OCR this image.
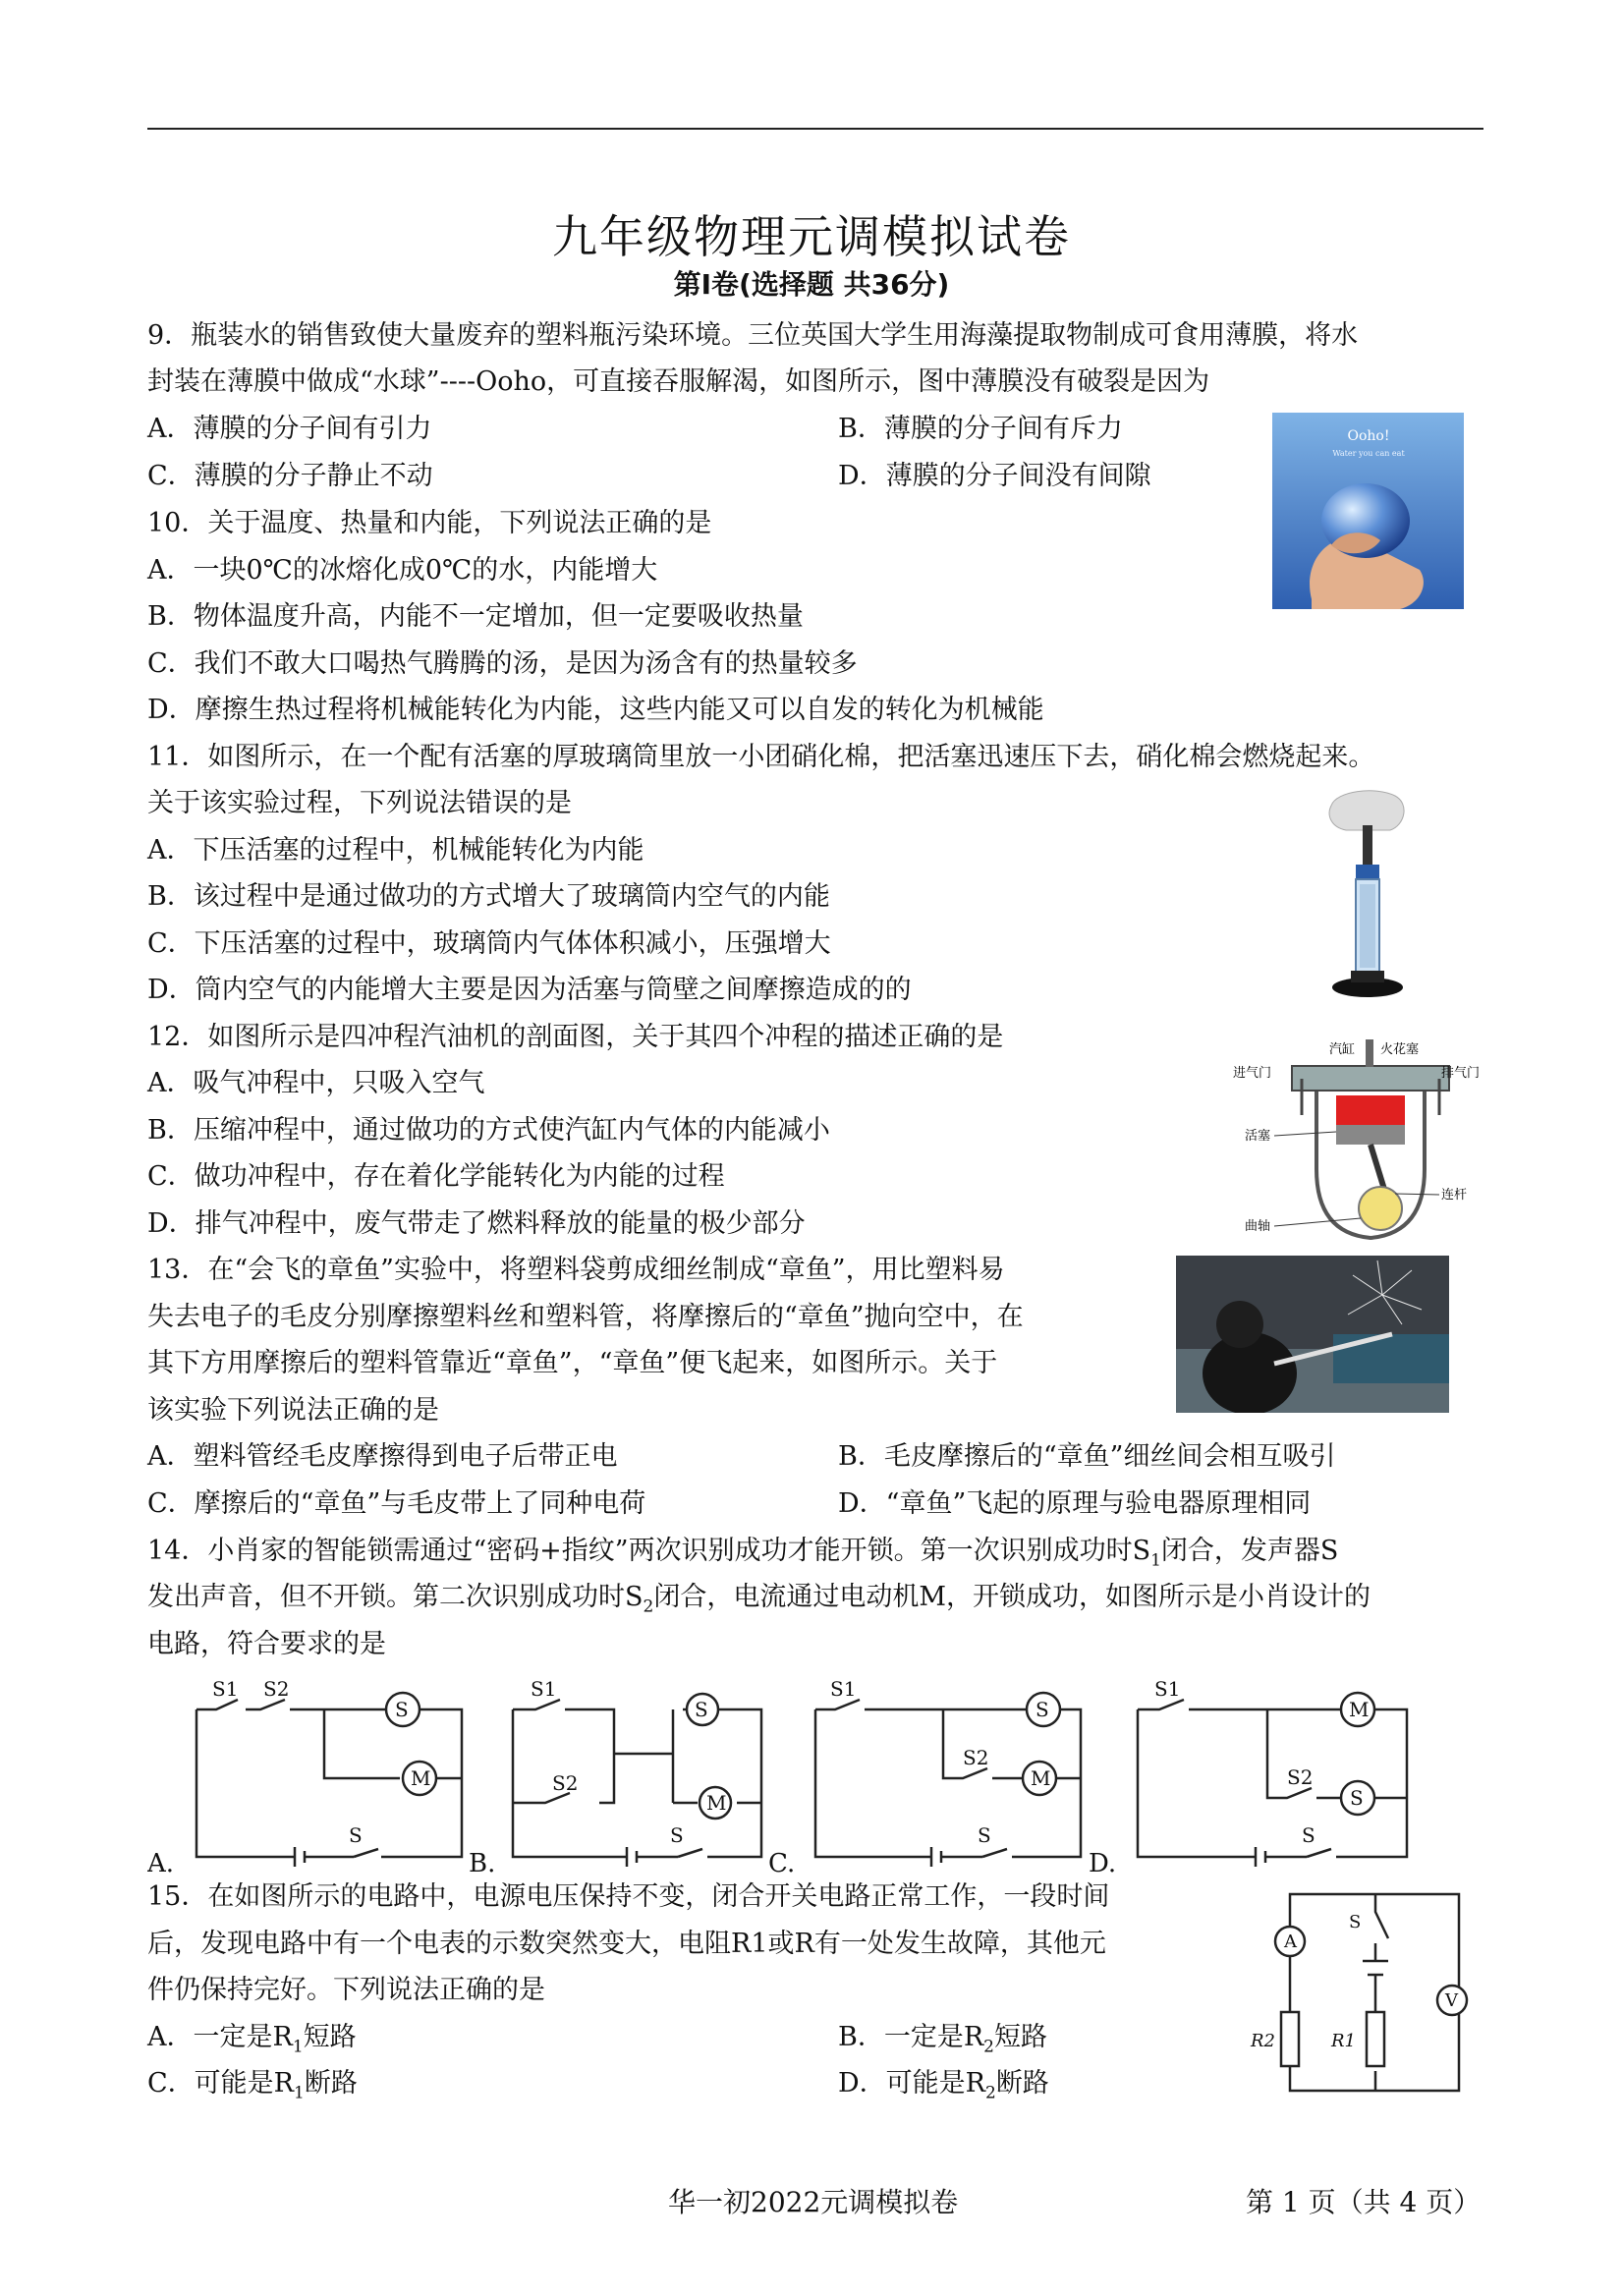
九年级物理元调模拟试卷
第Ⅰ卷(选择题 共36分)
9．瓶装水的销售致使大量废弃的塑料瓶污染环境。三位英国大学生用海藻提取物制成可食用薄膜，将水
封装在薄膜中做成“水球”----Ooho，可直接吞服解渴，如图所示，图中薄膜没有破裂是因为
A．薄膜的分子间有引力	B．薄膜的分子间有斥力
C．薄膜的分子静止不动	D．薄膜的分子间没有间隙
Ooho!
Water you can eat
10．关于温度、热量和内能，下列说法正确的是
A．一块0℃的冰熔化成0℃的水，内能增大
B．物体温度升高，内能不一定增加，但一定要吸收热量
C．我们不敢大口喝热气腾腾的汤，是因为汤含有的热量较多
D．摩擦生热过程将机械能转化为内能，这些内能又可以自发的转化为机械能
11．如图所示，在一个配有活塞的厚玻璃筒里放一小团硝化棉，把活塞迅速压下去，硝化棉会燃烧起来。
关于该实验过程，下列说法错误的是
A．下压活塞的过程中，机械能转化为内能
B．该过程中是通过做功的方式增大了玻璃筒内空气的内能
C．下压活塞的过程中，玻璃筒内气体体积减小，压强增大
D．筒内空气的内能增大主要是因为活塞与筒壁之间摩擦造成的的
12．如图所示是四冲程汽油机的剖面图，关于其四个冲程的描述正确的是
A．吸气冲程中，只吸入空气
B．压缩冲程中，通过做功的方式使汽缸内气体的内能减小
C．做功冲程中，存在着化学能转化为内能的过程
D．排气冲程中，废气带走了燃料释放的能量的极少部分
汽缸 火花塞
进气门	排气门
活塞
连杆
曲轴
13．在“会飞的章鱼”实验中，将塑料袋剪成细丝制成“章鱼”，用比塑料易
失去电子的毛皮分别摩擦塑料丝和塑料管，将摩擦后的“章鱼”抛向空中，在
其下方用摩擦后的塑料管靠近“章鱼”，“章鱼”便飞起来，如图所示。关于
该实验下列说法正确的是
A．塑料管经毛皮摩擦得到电子后带正电	B．毛皮摩擦后的“章鱼”细丝间会相互吸引
C．摩擦后的“章鱼”与毛皮带上了同种电荷	D．“章鱼”飞起的原理与验电器原理相同
14．小肖家的智能锁需通过“密码+指纹”两次识别成功才能开锁。第一次识别成功时$S_1$闭合，发声器S
发出声音，但不开锁。第二次识别成功时$S_2$闭合，电流通过电动机M，开锁成功，如图所示是小肖设计的
电路，符合要求的是
S1 S2
S
M
S
S1
S2
S
M
S
S1
S2
S
M
S
S1
S2
M
S
S
A.	B.	C.	D.
15．在如图所示的电路中，电源电压保持不变，闭合开关电路正常工作，一段时间
后，发现电路中有一个电表的示数突然变大，电阻R1或R有一处发生故障，其他元
件仍保持完好。下列说法正确的是
A．一定是$R_1$短路	B．一定是$R_2$短路
C．可能是$R_1$断路	D．可能是$R_2$断路
A
V
S
R1
R2
华一初2022元调模拟卷	第 1 页（共 4 页）
